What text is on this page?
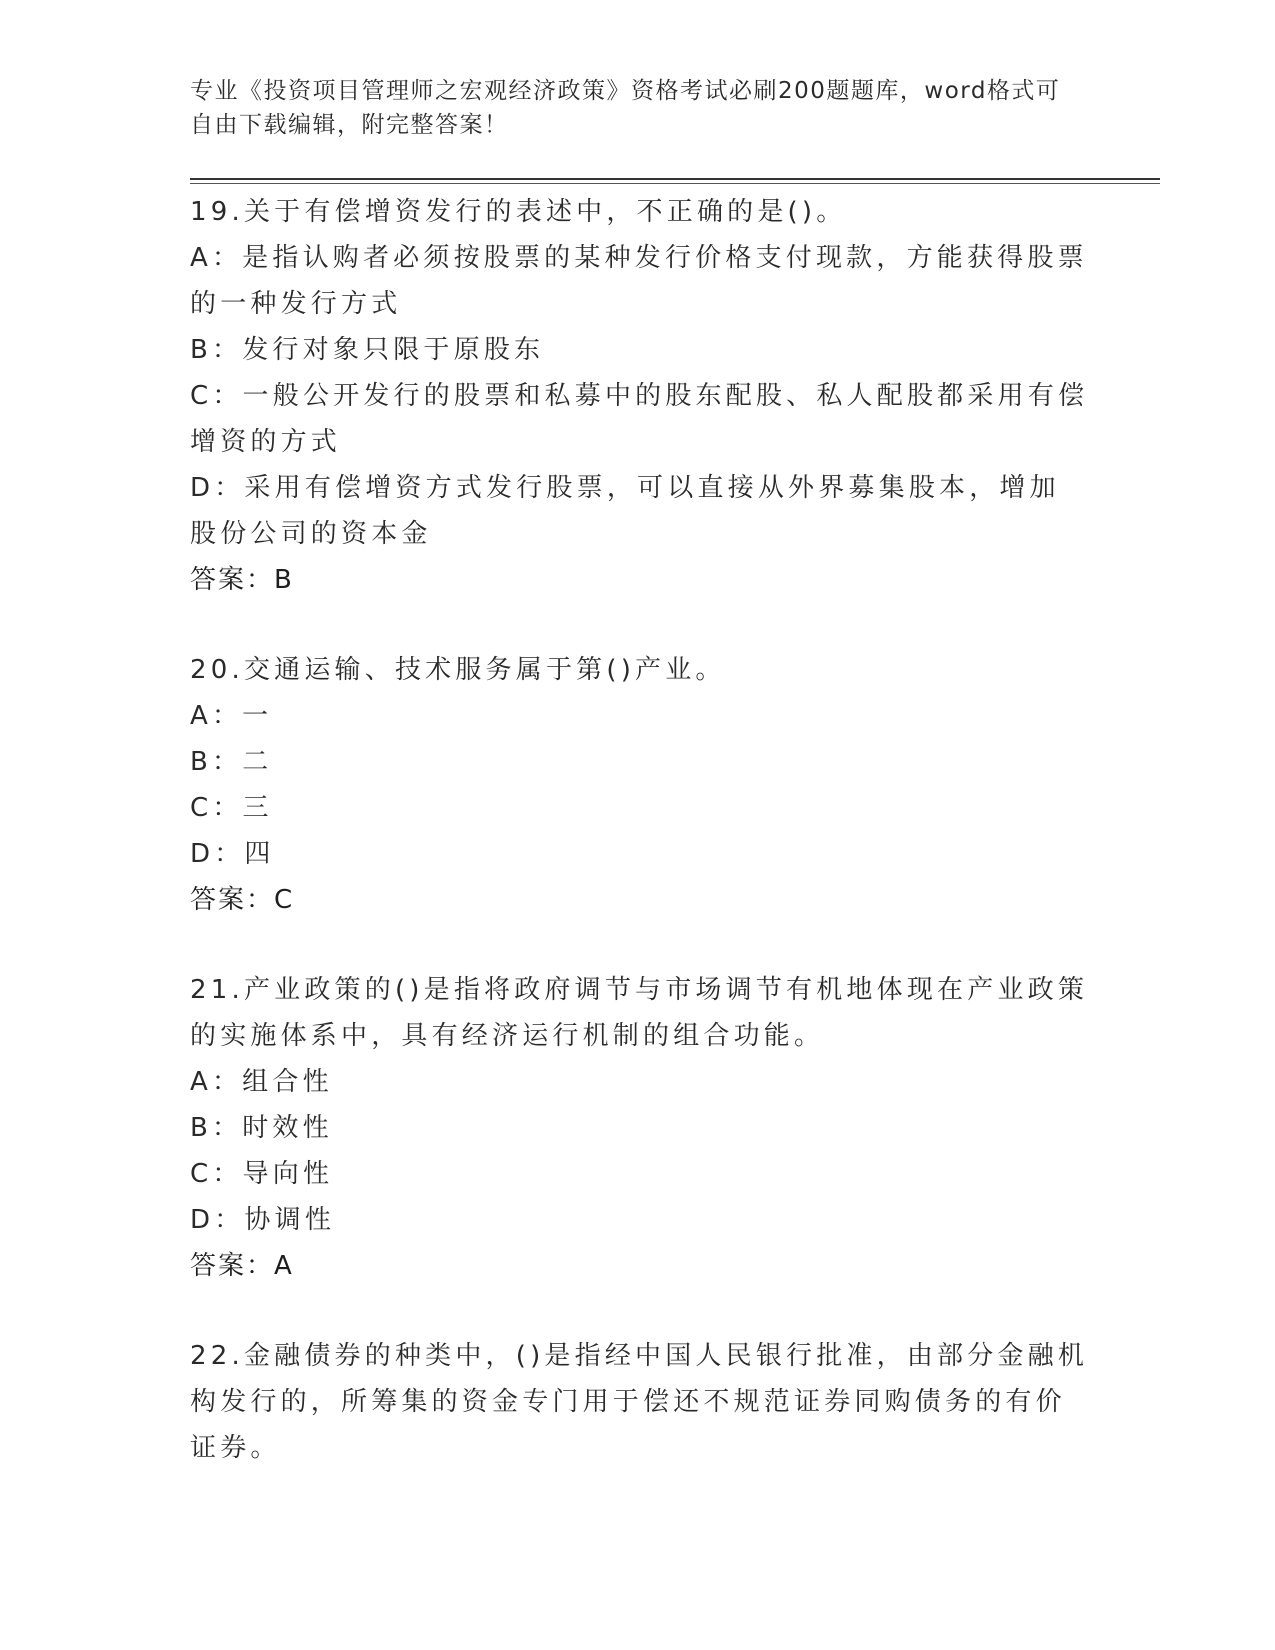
专业《投资项目管理师之宏观经济政策》资格考试必刷200题题库，word格式可
自由下载编辑，附完整答案！
19.关于有偿增资发行的表述中，不正确的是()。
A：是指认购者必须按股票的某种发行价格支付现款，方能获得股票的一种发行方式
B：发行对象只限于原股东
C：一般公开发行的股票和私募中的股东配股、私人配股都采用有偿增资的方式
D：采用有偿增资方式发行股票，可以直接从外界募集股本，增加股份公司的资本金
答案：B
20.交通运输、技术服务属于第()产业。
A：一
B：二
C：三
D：四
答案：C
21.产业政策的()是指将政府调节与市场调节有机地体现在产业政策的实施体系中，具有经济运行机制的组合功能。
A：组合性
B：时效性
C：导向性
D：协调性
答案：A
22.金融债券的种类中，()是指经中国人民银行批准，由部分金融机构发行的，所筹集的资金专门用于偿还不规范证券同购债务的有价证券。
